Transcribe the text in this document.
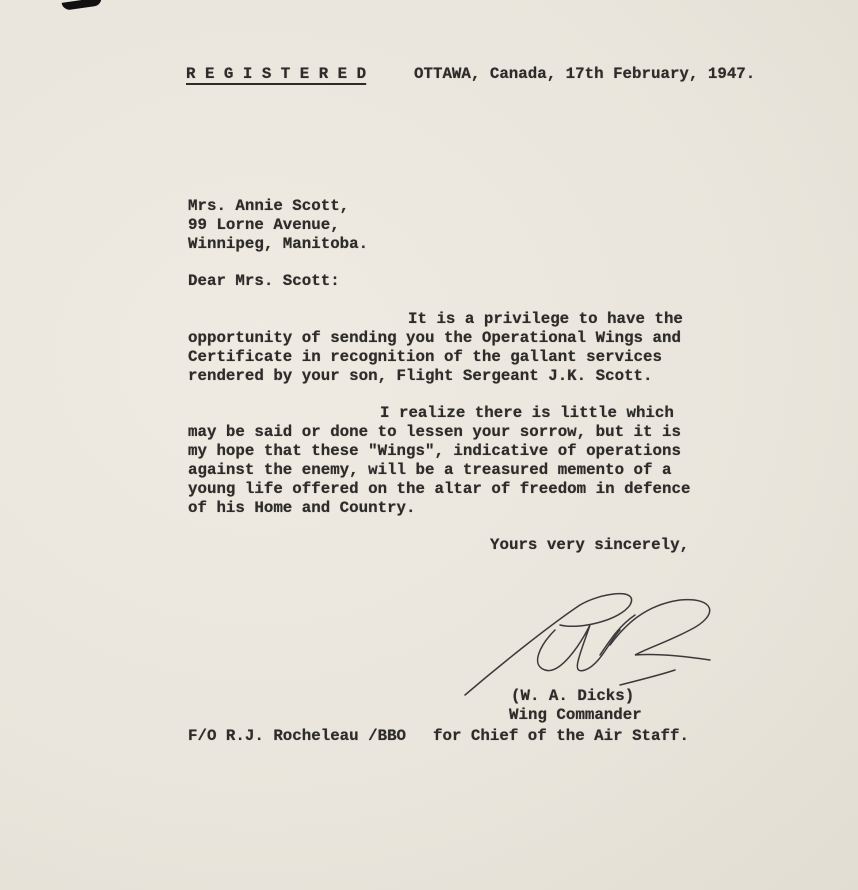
R E G I S T E R E D	OTTAWA, Canada, 17th February, 1947.
Mrs. Annie Scott,
99 Lorne Avenue,
Winnipeg, Manitoba.
Dear Mrs. Scott:
It is a privilege to have the
opportunity of sending you the Operational Wings and
Certificate in recognition of the gallant services
rendered by your son, Flight Sergeant J.K. Scott.
I realize there is little which
may be said or done to lessen your sorrow, but it is
my hope that these "Wings", indicative of operations
against the enemy, will be a treasured memento of a
young life offered on the altar of freedom in defence
of his Home and Country.
Yours very sincerely,
(W. A. Dicks)
Wing Commander
F/O R.J. Rocheleau /BBO for Chief of the Air Staff.
